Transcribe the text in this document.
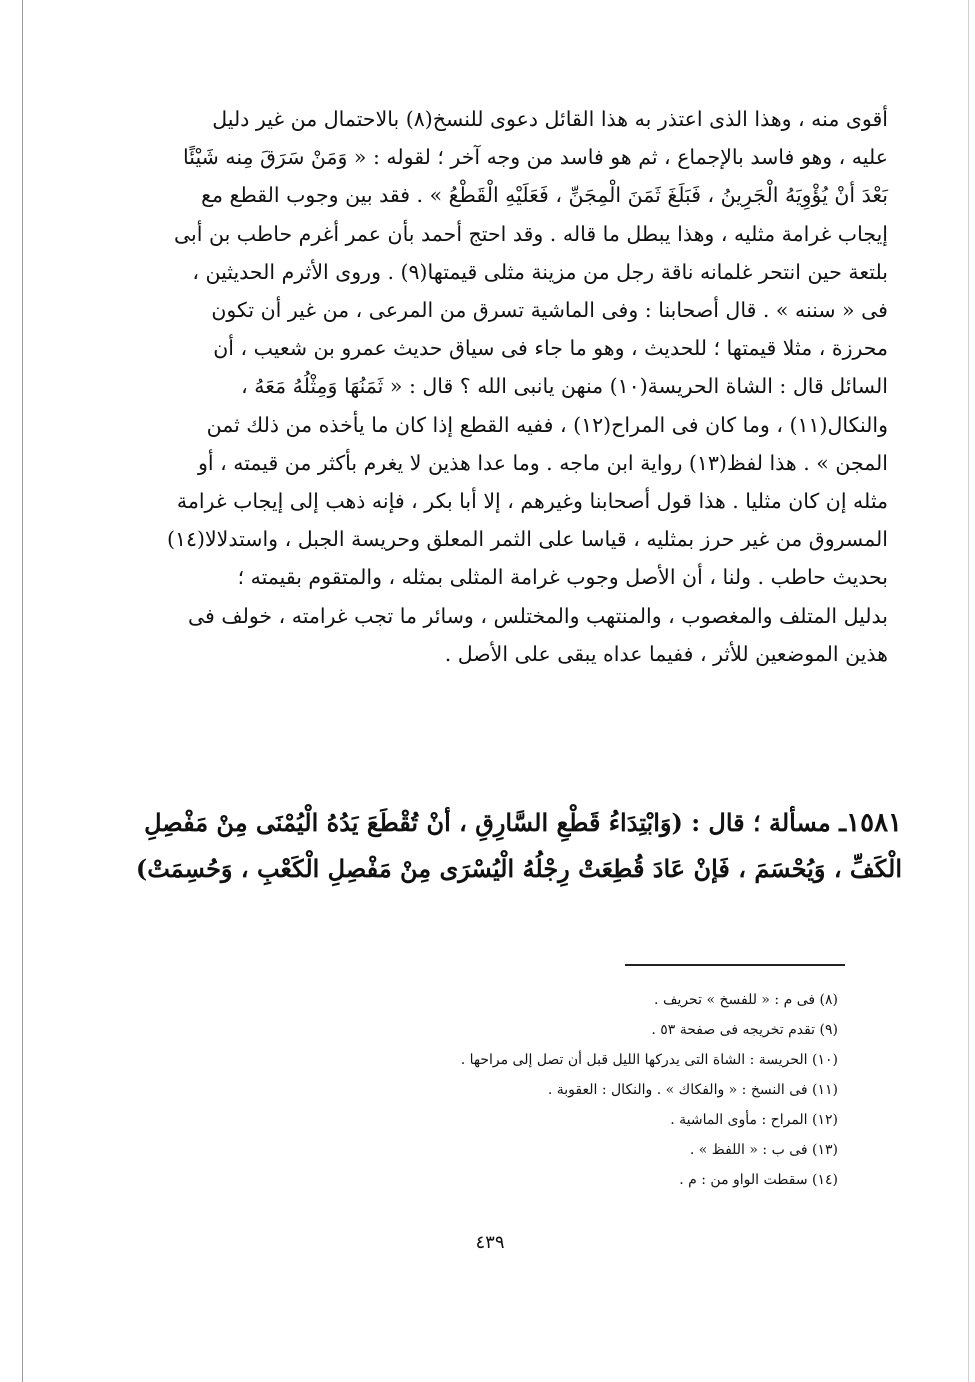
أقوى منه ، وهذا الذى اعتذر به هذا القائل دعوى للنسخ(٨) بالاحتمال من غير دليل

عليه ، وهو فاسد بالإجماع ، ثم هو فاسد من وجه آخر ؛ لقوله : « وَمَنْ سَرَقَ مِنه شَيْئًا

بَعْدَ أنْ يُؤْوِيَهُ الْجَرِينُ ، فَبَلَغَ ثَمَنَ الْمِجَنِّ ، فَعَلَيْهِ الْقَطْعُ » . فقد بين وجوب القطع مع

إيجاب غرامة مثليه ، وهذا يبطل ما قاله . وقد احتج أحمد بأن عمر أغرم حاطب بن أبى

بلتعة حين انتحر غلمانه ناقة رجل من مزينة مثلى قيمتها(٩) . وروى الأثرم الحديثين ،

فى « سننه » . قال أصحابنا : وفى الماشية تسرق من المرعى ، من غير أن تكون

محرزة ، مثلا قيمتها ؛ للحديث ، وهو ما جاء فى سياق حديث عمرو بن شعيب ، أن

السائل قال : الشاة الحريسة(١٠) منهن يانبى الله ؟ قال : « ثَمَنُهَا وَمِثْلُهُ مَعَهُ ،

والنكال(١١) ، وما كان فى المراح(١٢) ، ففيه القطع إذا كان ما يأخذه من ذلك ثمن

المجن » . هذا لفظ(١٣) رواية ابن ماجه . وما عدا هذين لا يغرم بأكثر من قيمته ، أو

مثله إن كان مثليا . هذا قول أصحابنا وغيرهم ، إلا أبا بكر ، فإنه ذهب إلى إيجاب غرامة

المسروق من غير حرز بمثليه ، قياسا على الثمر المعلق وحريسة الجبل ، واستدلالا(١٤)

بحديث حاطب . ولنا ، أن الأصل وجوب غرامة المثلى بمثله ، والمتقوم بقيمته ؛

بدليل المتلف والمغصوب ، والمنتهب والمختلس ، وسائر ما تجب غرامته ، خولف فى

هذين الموضعين للأثر ، ففيما عداه يبقى على الأصل .

١٥٨١ـ مسألة ؛ قال : (وَابْتِدَاءُ قَطْعِ السَّارِقِ ، أنْ تُقْطَعَ يَدُهُ الْيُمْنَى مِنْ مَفْصِلِ

الْكَفِّ ، وَيُحْسَمَ ، فَإنْ عَادَ قُطِعَتْ رِجْلُهُ الْيُسْرَى مِنْ مَفْصِلِ الْكَعْبِ ، وَحُسِمَتْ)

(٨) فى م : « للفسخ » تحريف .

(٩) تقدم تخريجه فى صفحة ٥٣ .

(١٠) الحريسة : الشاة التى يدركها الليل قبل أن تصل إلى مراحها .

(١١) فى النسخ : « والفكاك » . والنكال : العقوبة .

(١٢) المراح : مأوى الماشية .

(١٣) فى ب : « اللفظ » .

(١٤) سقطت الواو من : م .

٤٣٩
